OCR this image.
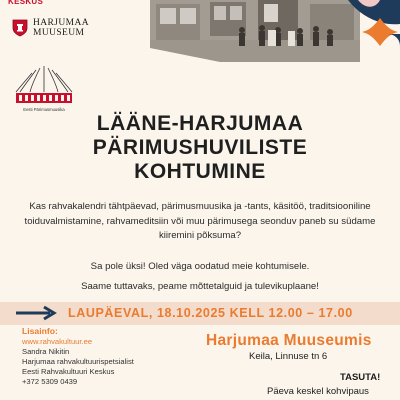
KESKUS
HARJUMAA
MUUSEUM
Eesti Pärimusmuusika
LÄÄNE-HARJUMAA
PÄRIMUSHUVILISTE
KOHTUMINE
Kas rahvakalendri tähtpäevad, pärimusmuusika ja -tants, käsitöö, traditsiooniline toiduvalmistamine, rahvameditsiin või muu pärimusega seonduv paneb su südame kiiremini põksuma?
Sa pole üksi! Oled väga oodatud meie kohtumisele.
Saame tuttavaks, peame mõttetalguid ja tulevikuplaane!
LAUPÄEVAL, 18.10.2025 KELL 12.00 – 17.00
Lisainfo:
www.rahvakultuur.ee
Sandra Nikitin
Harjumaa rahvakultuurispetsialist
Eesti Rahvakultuuri Keskus
+372 5309 0439
Harjumaa Muuseumis
Keila, Linnuse tn 6
TASUTA!
Päeva keskel kohvipaus
